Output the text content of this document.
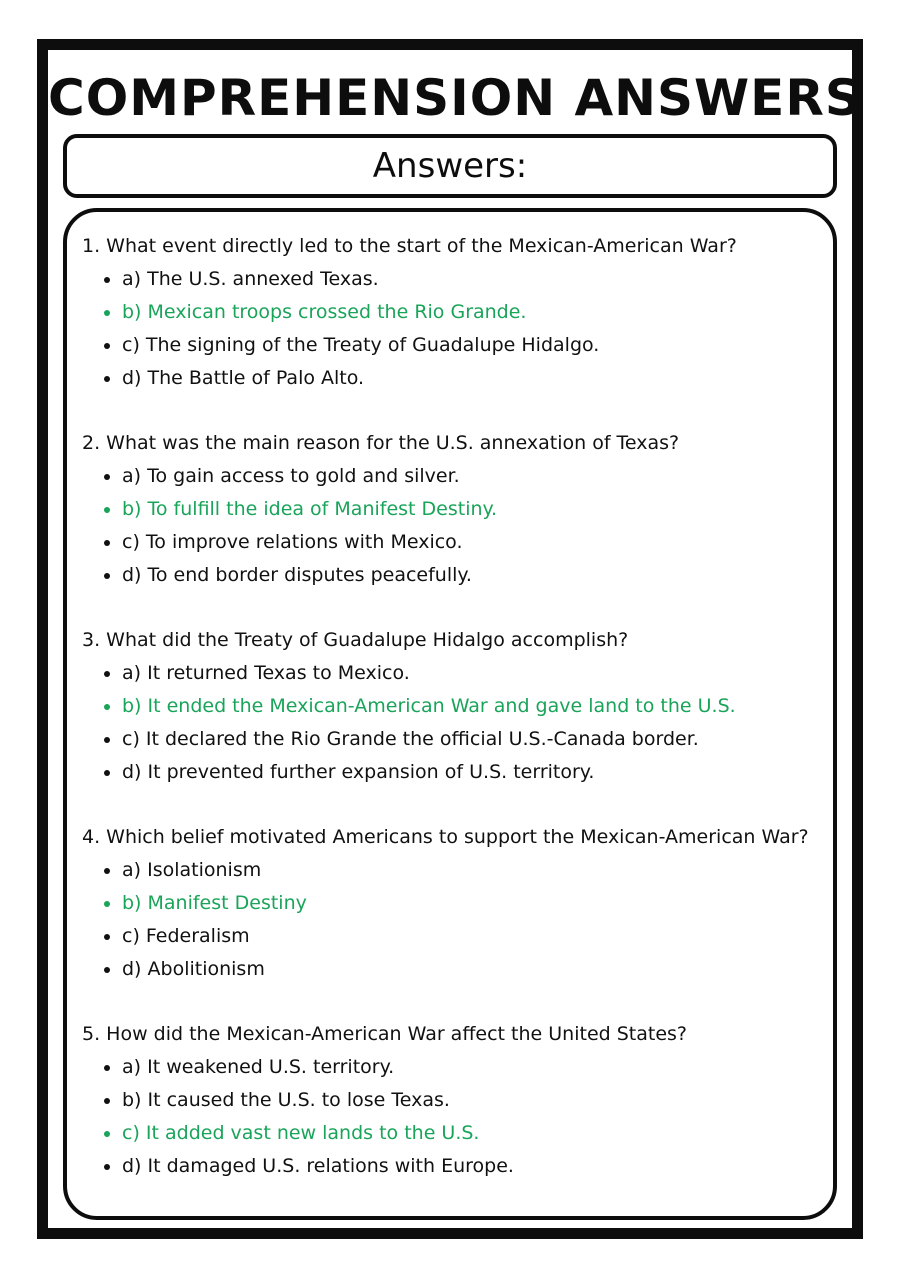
COMPREHENSION ANSWERS
Answers:
1. What event directly led to the start of the Mexican-American War?
a) The U.S. annexed Texas.
b) Mexican troops crossed the Rio Grande.
c) The signing of the Treaty of Guadalupe Hidalgo.
d) The Battle of Palo Alto.
2. What was the main reason for the U.S. annexation of Texas?
a) To gain access to gold and silver.
b) To fulfill the idea of Manifest Destiny.
c) To improve relations with Mexico.
d) To end border disputes peacefully.
3. What did the Treaty of Guadalupe Hidalgo accomplish?
a) It returned Texas to Mexico.
b) It ended the Mexican-American War and gave land to the U.S.
c) It declared the Rio Grande the official U.S.-Canada border.
d) It prevented further expansion of U.S. territory.
4. Which belief motivated Americans to support the Mexican-American War?
a) Isolationism
b) Manifest Destiny
c) Federalism
d) Abolitionism
5. How did the Mexican-American War affect the United States?
a) It weakened U.S. territory.
b) It caused the U.S. to lose Texas.
c) It added vast new lands to the U.S.
d) It damaged U.S. relations with Europe.
